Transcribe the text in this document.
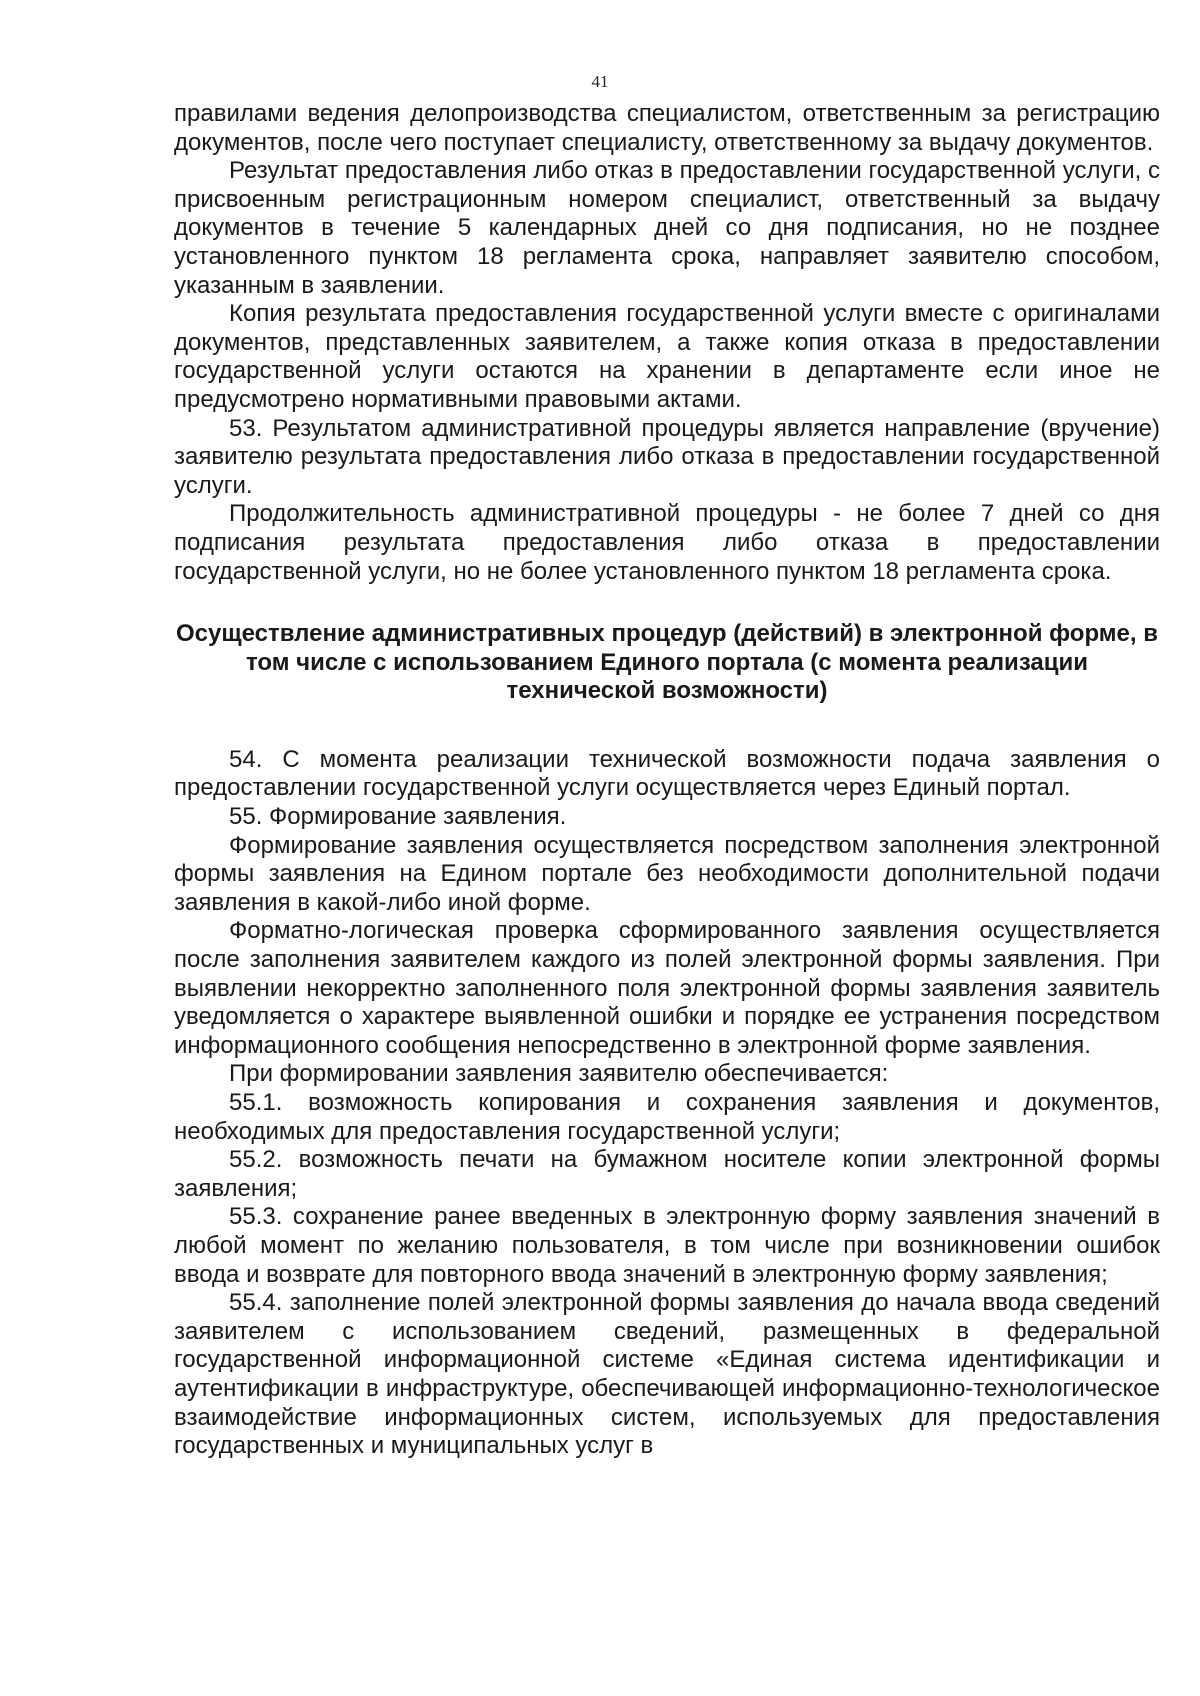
41

правилами ведения делопроизводства специалистом, ответственным за регистрацию документов, после чего поступает специалисту, ответственному за выдачу документов.

Результат предоставления либо отказ в предоставлении государственной услуги, с присвоенным регистрационным номером специалист, ответственный за выдачу документов в течение 5 календарных дней со дня подписания, но не позднее установленного пунктом 18 регламента срока, направляет заявителю способом, указанным в заявлении.

Копия результата предоставления государственной услуги вместе с оригиналами документов, представленных заявителем, а также копия отказа в предоставлении государственной услуги остаются на хранении в департаменте если иное не предусмотрено нормативными правовыми актами.

53. Результатом административной процедуры является направление (вручение) заявителю результата предоставления либо отказа в предоставлении государственной услуги.

Продолжительность административной процедуры - не более 7 дней со дня подписания результата предоставления либо отказа в предоставлении государственной услуги, но не более установленного пунктом 18 регламента срока.

Осуществление административных процедур (действий) в электронной форме, в том числе с использованием Единого портала (с момента реализации технической возможности)

54. С момента реализации технической возможности подача заявления о предоставлении государственной услуги осуществляется через Единый портал.

55. Формирование заявления.

Формирование заявления осуществляется посредством заполнения электронной формы заявления на Едином портале без необходимости дополнительной подачи заявления в какой-либо иной форме.

Форматно-логическая проверка сформированного заявления осуществляется после заполнения заявителем каждого из полей электронной формы заявления. При выявлении некорректно заполненного поля электронной формы заявления заявитель уведомляется о характере выявленной ошибки и порядке ее устранения посредством информационного сообщения непосредственно в электронной форме заявления.

При формировании заявления заявителю обеспечивается:

55.1. возможность копирования и сохранения заявления и документов, необходимых для предоставления государственной услуги;

55.2. возможность печати на бумажном носителе копии электронной формы заявления;

55.3. сохранение ранее введенных в электронную форму заявления значений в любой момент по желанию пользователя, в том числе при возникновении ошибок ввода и возврате для повторного ввода значений в электронную форму заявления;

55.4. заполнение полей электронной формы заявления до начала ввода сведений заявителем с использованием сведений, размещенных в федеральной государственной информационной системе «Единая система идентификации и аутентификации в инфраструктуре, обеспечивающей информационно-технологическое взаимодействие информационных систем, используемых для предоставления государственных и муниципальных услуг в
